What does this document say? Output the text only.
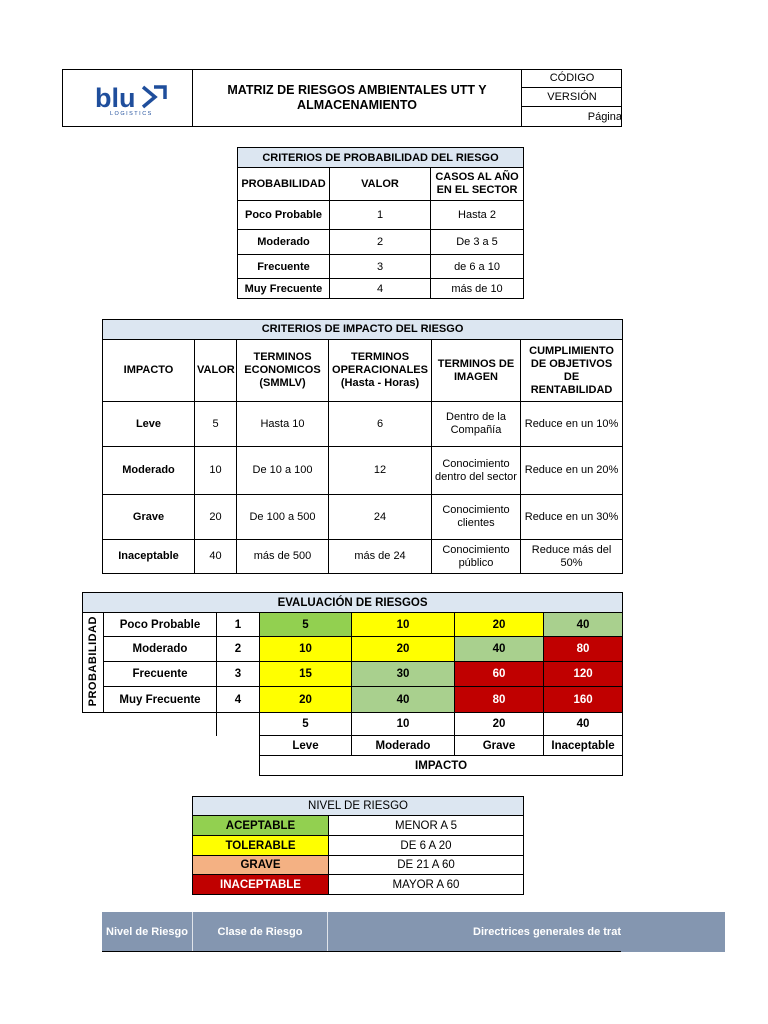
blu
LOGISTICS
MATRIZ DE RIESGOS AMBIENTALES UTT Y ALMACENAMIENTO
CÓDIGO
VERSIÓN
Página
CRITERIOS DE PROBABILIDAD DEL RIESGO		
PROBABILIDAD	VALOR	CASOS AL AÑO EN EL SECTOR
Poco Probable	1	Hasta 2
Moderado	2	De 3 a 5
Frecuente	3	de 6 a 10
Muy Frecuente	4	más de 10
CRITERIOS DE IMPACTO DEL RIESGO					
IMPACTO	VALOR	TERMINOS ECONOMICOS (SMMLV)	TERMINOS OPERACIONALES (Hasta - Horas)	TERMINOS DE IMAGEN	CUMPLIMIENTO DE OBJETIVOS DE RENTABILIDAD
Leve	5	Hasta 10	6	Dentro de la Compañía	Reduce en un 10%
Moderado	10	De 10 a 100	12	Conocimiento dentro del sector	Reduce en un 20%
Grave	20	De 100 a 500	24	Conocimiento clientes	Reduce en un 30%
Inaceptable	40	más de 500	más de 24	Conocimiento público	Reduce más del 50%
EVALUACIÓN DE RIESGOS						
PROBABILIDAD	Poco Probable	1	5	10	20	40
	Moderado	2	10	20	40	80
	Frecuente	3	15	30	60	120
	Muy Frecuente	4	20	40	80	160
			5	10	20	40
			Leve	Moderado	Grave	Inaceptable
			IMPACTO			
NIVEL DE RIESGO	
ACEPTABLE	MENOR A 5
TOLERABLE	DE 6 A 20
GRAVE	DE 21 A 60
INACEPTABLE	MAYOR A 60
Nivel de Riesgo	Clase de Riesgo	Directrices generales de trat
